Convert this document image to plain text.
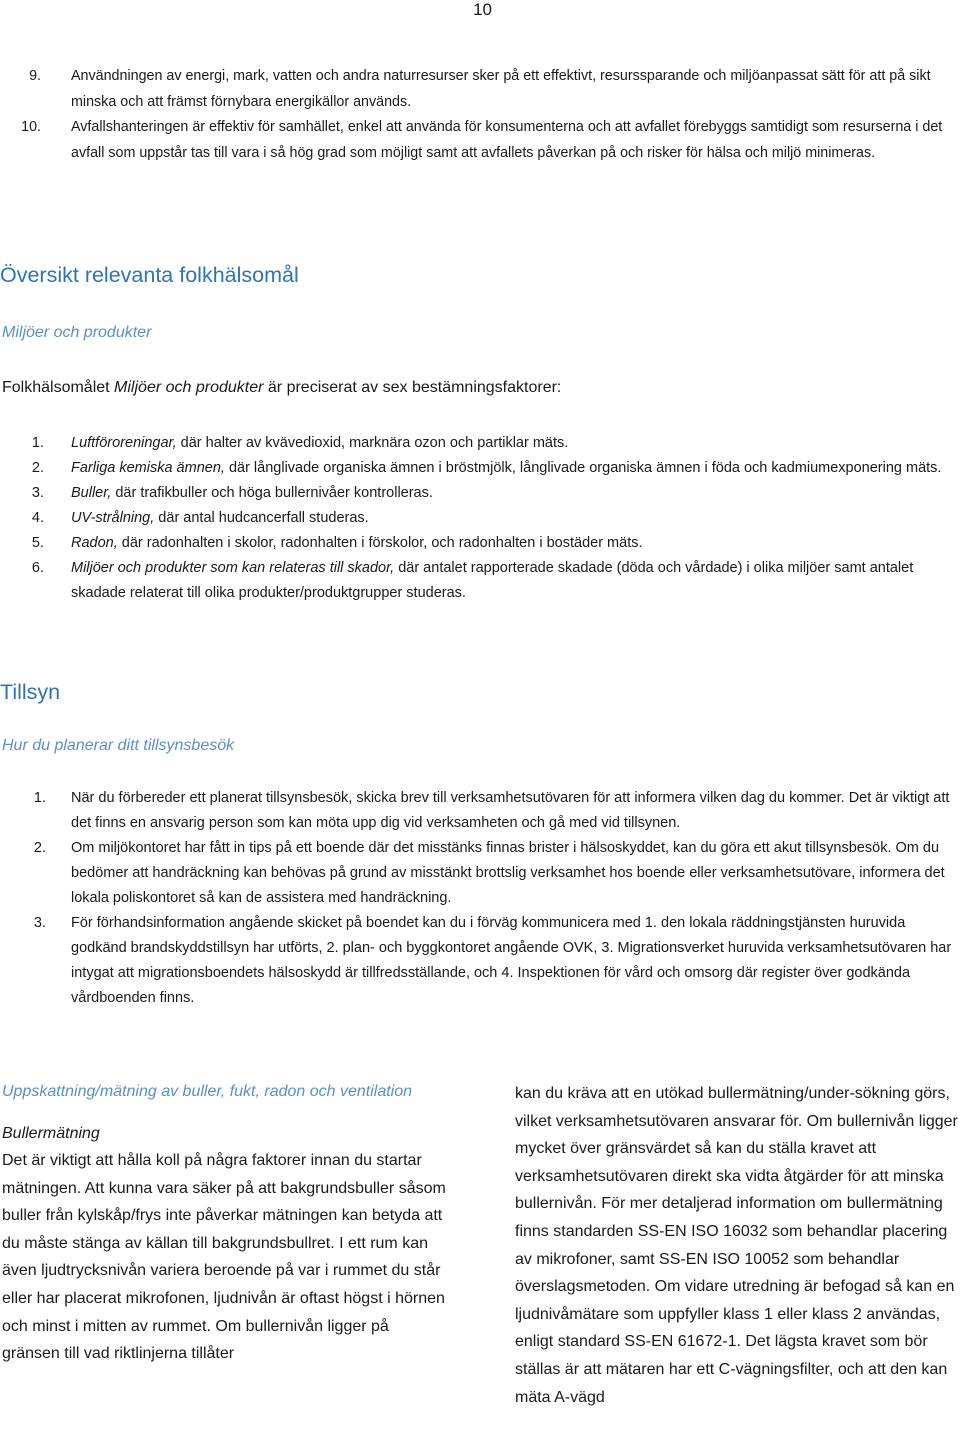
10
9. Användningen av energi, mark, vatten och andra naturresurser sker på ett effektivt, resurssparande och miljöanpassat sätt för att på sikt minska och att främst förnybara energikällor används.
10. Avfallshanteringen är effektiv för samhället, enkel att använda för konsumenterna och att avfallet förebyggs samtidigt som resurserna i det avfall som uppstår tas till vara i så hög grad som möjligt samt att avfallets påverkan på och risker för hälsa och miljö minimeras.
Översikt relevanta folkhälsomål

Miljöer och produkter

Folkhälsomålet Miljöer och produkter är preciserat av sex bestämningsfaktorer:

1. Luftföroreningar, där halter av kvävedioxid, marknära ozon och partiklar mäts.
2. Farliga kemiska ämnen, där långlivade organiska ämnen i bröstmjölk, långlivade organiska ämnen i föda och kadmiumexponering mäts.
3. Buller, där trafikbuller och höga bullernivåer kontrolleras.
4. UV-strålning, där antal hudcancerfall studeras.
5. Radon, där radonhalten i skolor, radonhalten i förskolor, och radonhalten i bostäder mäts.
6. Miljöer och produkter som kan relateras till skador, där antalet rapporterade skadade (döda och vårdade) i olika miljöer samt antalet skadade relaterat till olika produkter/produktgrupper studeras.
Tillsyn

Hur du planerar ditt tillsynsbesök

1. När du förbereder ett planerat tillsynsbesök, skicka brev till verksamhetsutövaren för att informera vilken dag du kommer. Det är viktigt att det finns en ansvarig person som kan möta upp dig vid verksamheten och gå med vid tillsynen.
2. Om miljökontoret har fått in tips på ett boende där det misstänks finnas brister i hälsoskyddet, kan du göra ett akut tillsynsbesök. Om du bedömer att handräckning kan behövas på grund av misstänkt brottslig verksamhet hos boende eller verksamhetsutövare, informera det lokala poliskontoret så kan de assistera med handräckning.
3. För förhandsinformation angående skicket på boendet kan du i förväg kommunicera med 1. den lokala räddningstjänsten huruvida godkänd brandskyddstillsyn har utförts, 2. plan- och byggkontoret angående OVK, 3. Migrationsverket huruvida verksamhetsutövaren har intygat att migrationsboendets hälsoskydd är tillfredsställande, och 4. Inspektionen för vård och omsorg där register över godkända vårdboenden finns.
Uppskattning/mätning av buller, fukt, radon och ventilation
Bullermätning
Det är viktigt att hålla koll på några faktorer innan du startar mätningen. Att kunna vara säker på att bakgrundsbuller såsom buller från kylskåp/frys inte påverkar mätningen kan betyda att du måste stänga av källan till bakgrundsbullret. I ett rum kan även ljudtrycksnivån variera beroende på var i rummet du står eller har placerat mikrofonen, ljudnivån är oftast högst i hörnen och minst i mitten av rummet. Om bullernivån ligger på gränsen till vad riktlinjerna tillåter
kan du kräva att en utökad bullermätning/under-sökning görs, vilket verksamhetsutövaren ansvarar för. Om bullernivån ligger mycket över gränsvärdet så kan du ställa kravet att verksamhetsutövaren direkt ska vidta åtgärder för att minska bullernivån. För mer detaljerad information om bullermätning finns standarden SS-EN ISO 16032 som behandlar placering av mikrofoner, samt SS-EN ISO 10052 som behandlar överslagsmetoden. Om vidare utredning är befogad så kan en ljudnivåmätare som uppfyller klass 1 eller klass 2 användas, enligt standard SS-EN 61672-1. Det lägsta kravet som bör ställas är att mätaren har ett C-vägningsfilter, och att den kan mäta A-vägd
